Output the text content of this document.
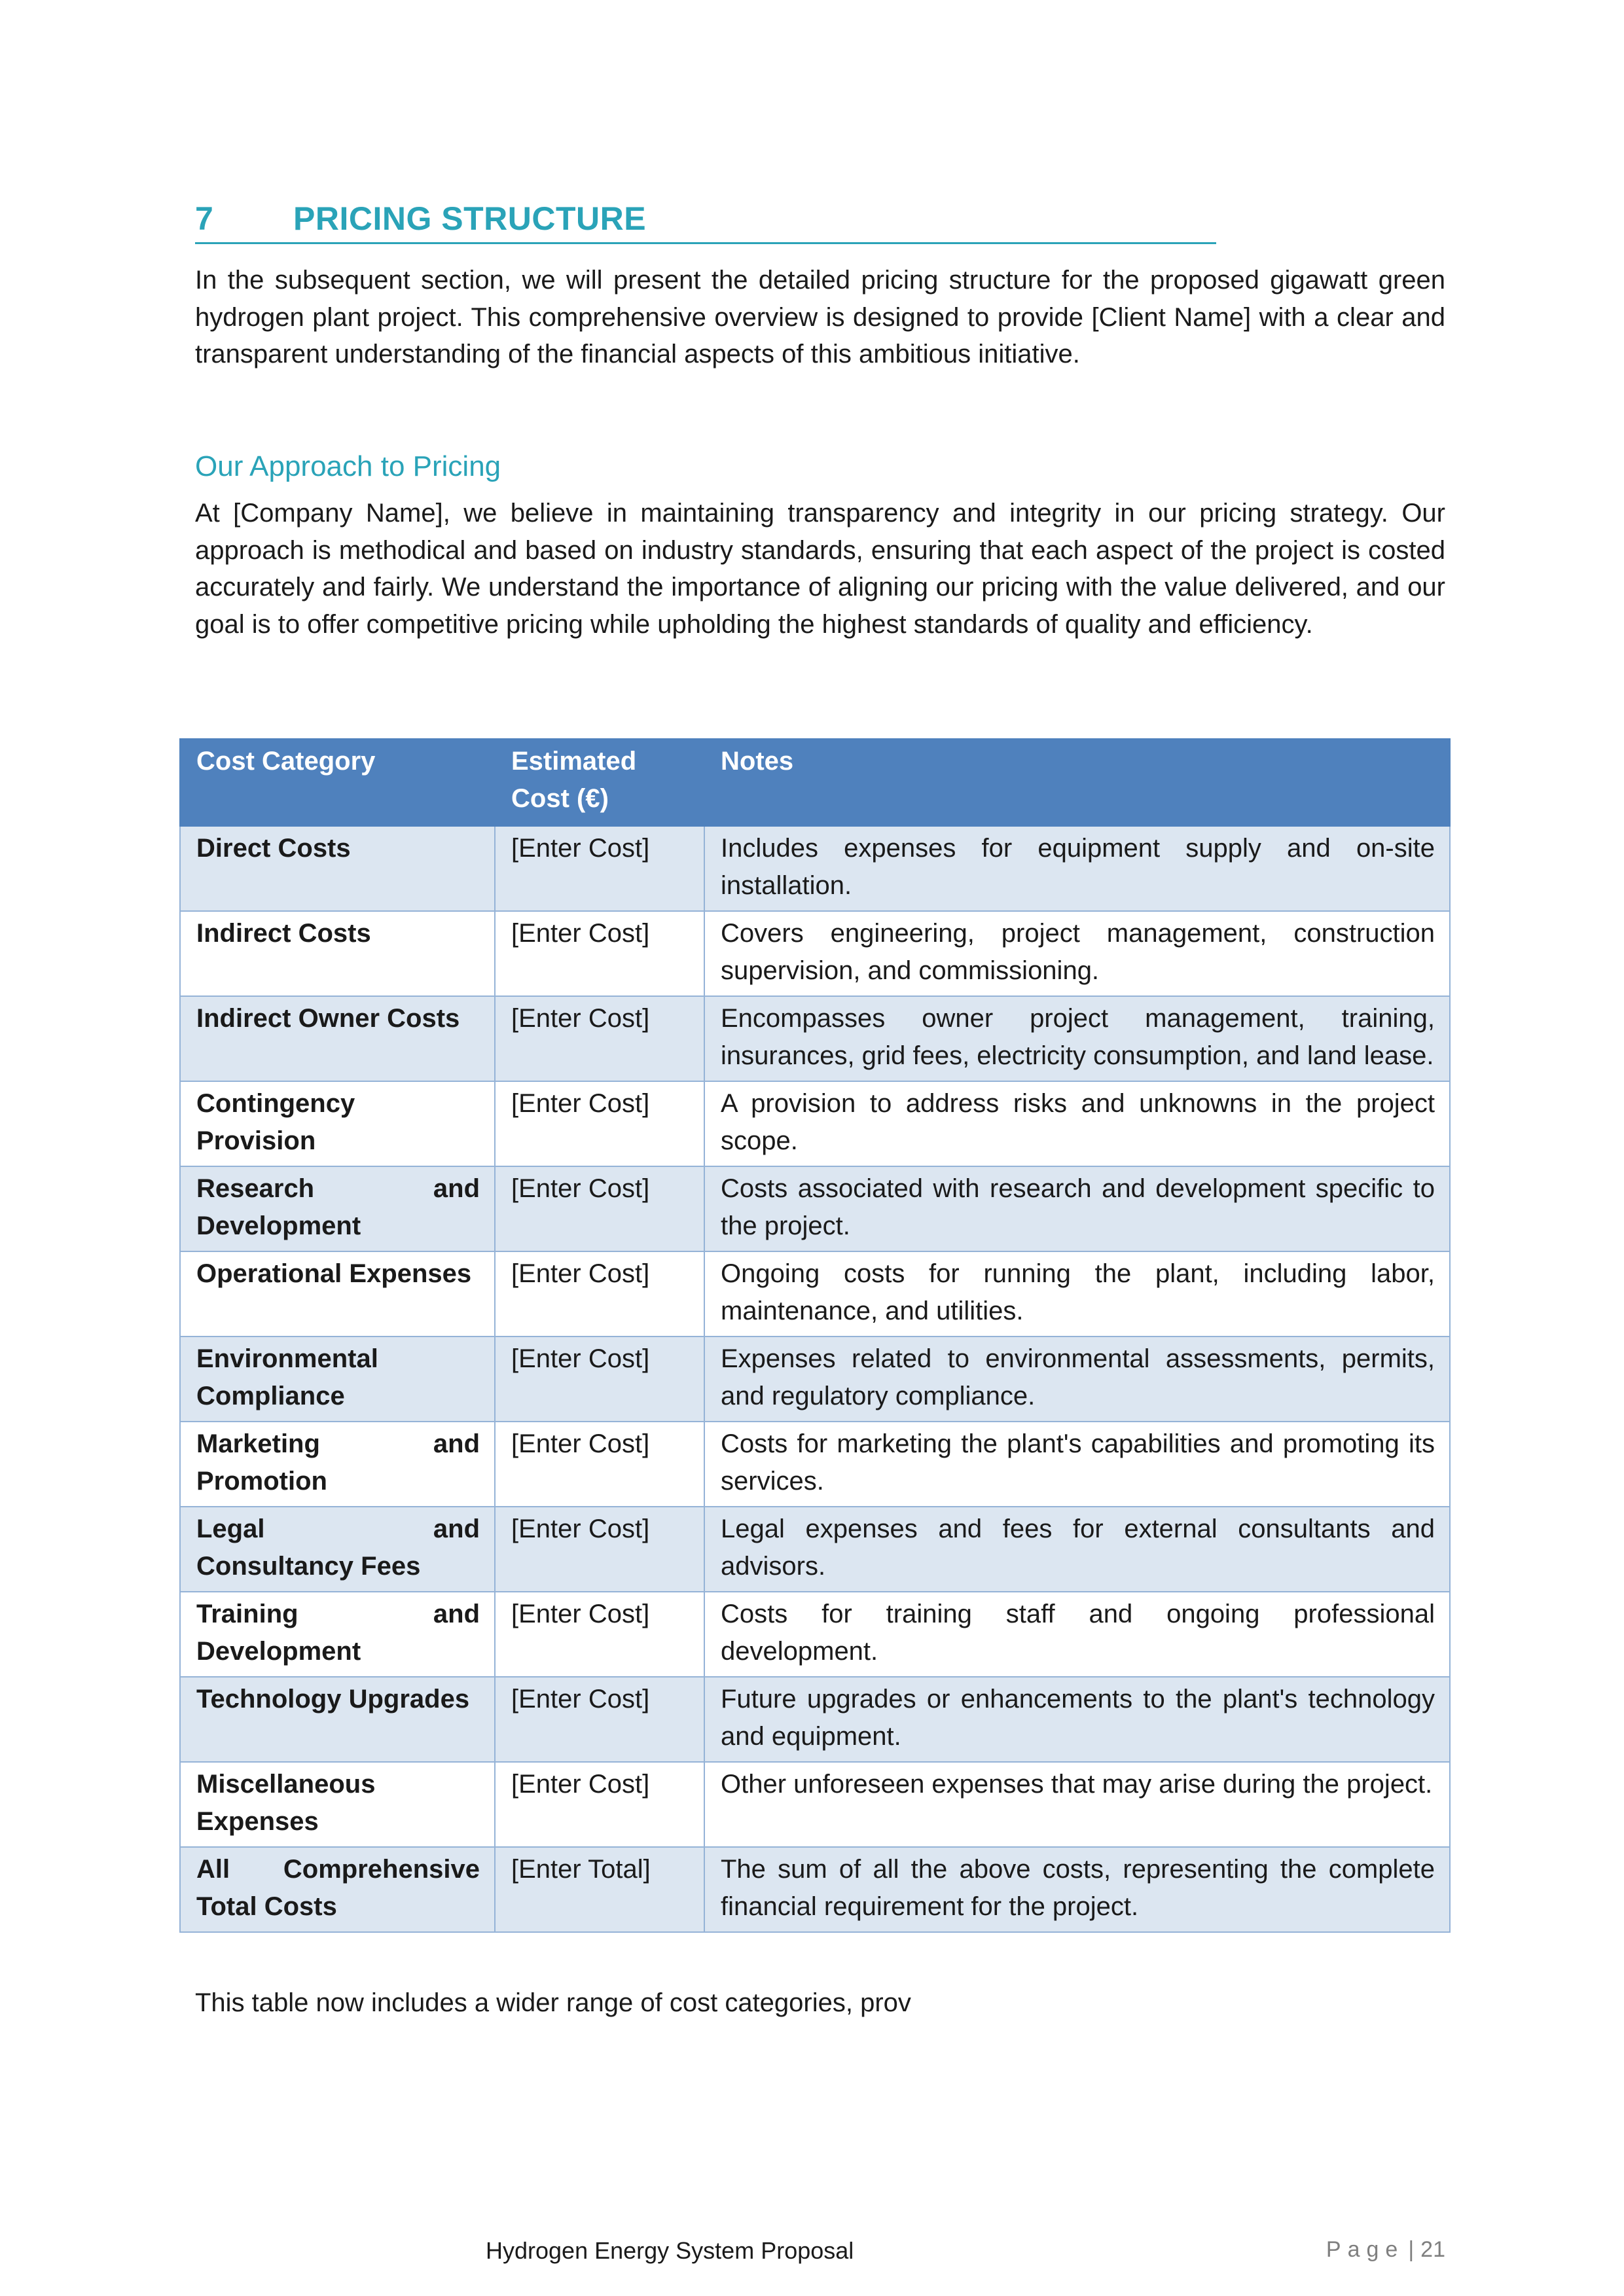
7	PRICING STRUCTURE

In the subsequent section, we will present the detailed pricing structure for the proposed gigawatt green hydrogen plant project. This comprehensive overview is designed to provide [Client Name] with a clear and transparent understanding of the financial aspects of this ambitious initiative.

Our Approach to Pricing

At [Company Name], we believe in maintaining transparency and integrity in our pricing strategy. Our approach is methodical and based on industry standards, ensuring that each aspect of the project is costed accurately and fairly. We understand the importance of aligning our pricing with the value delivered, and our goal is to offer competitive pricing while upholding the highest standards of quality and efficiency.

Cost Category	Estimated Cost (€)	Notes
Direct Costs	[Enter Cost]	Includes expenses for equipment supply and on-site installation.
Indirect Costs	[Enter Cost]	Covers engineering, project management, construction supervision, and commissioning.
Indirect Owner Costs	[Enter Cost]	Encompasses owner project management, training, insurances, grid fees, electricity consumption, and land lease.
Contingency Provision	[Enter Cost]	A provision to address risks and unknowns in the project scope.
Research and Development	[Enter Cost]	Costs associated with research and development specific to the project.
Operational Expenses	[Enter Cost]	Ongoing costs for running the plant, including labor, maintenance, and utilities.
Environmental Compliance	[Enter Cost]	Expenses related to environmental assessments, permits, and regulatory compliance.
Marketing and Promotion	[Enter Cost]	Costs for marketing the plant's capabilities and promoting its services.
Legal and Consultancy Fees	[Enter Cost]	Legal expenses and fees for external consultants and advisors.
Training and Development	[Enter Cost]	Costs for training staff and ongoing professional development.
Technology Upgrades	[Enter Cost]	Future upgrades or enhancements to the plant's technology and equipment.
Miscellaneous Expenses	[Enter Cost]	Other unforeseen expenses that may arise during the project.
All Comprehensive Total Costs	[Enter Total]	The sum of all the above costs, representing the complete financial requirement for the project.
This table now includes a wider range of cost categories, prov
Hydrogen Energy System Proposal	Page | 21
